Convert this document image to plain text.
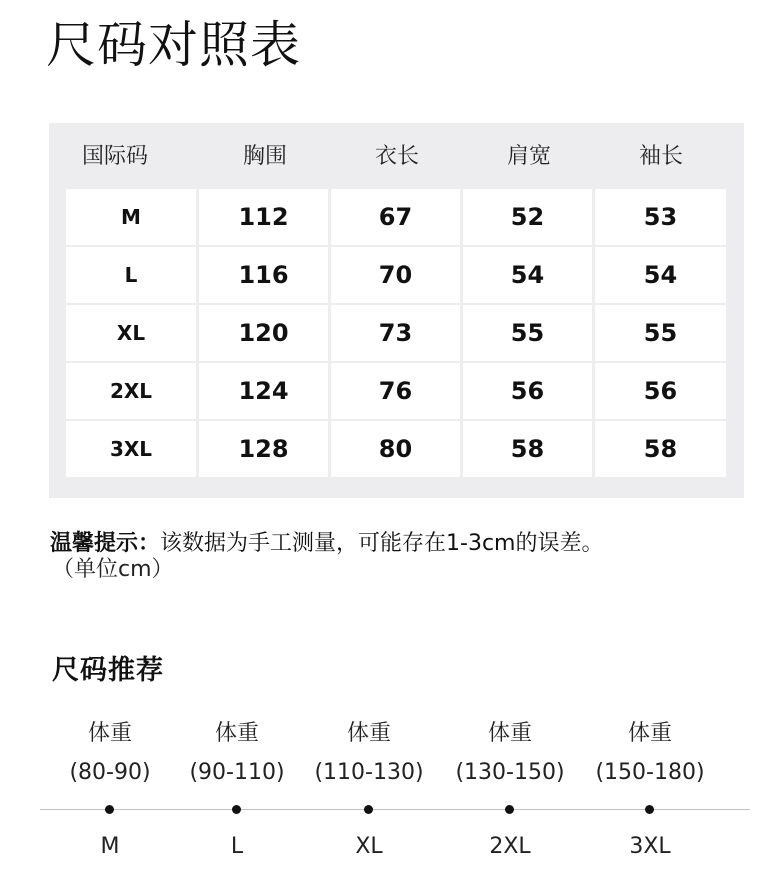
尺码对照表
国际码	胸围	衣长	肩宽	袖长
M	112	67	52	53
L	116	70	54	54
XL	120	73	55	55
2XL	124	76	56	56
3XL	128	80	58	58
温馨提示：该数据为手工测量，可能存在1-3cm的误差。
（单位cm）
尺码推荐
体重	体重	体重	体重	体重
(80-90)	(90-110)	(110-130)	(130-150)	(150-180)
M	L	XL	2XL	3XL
